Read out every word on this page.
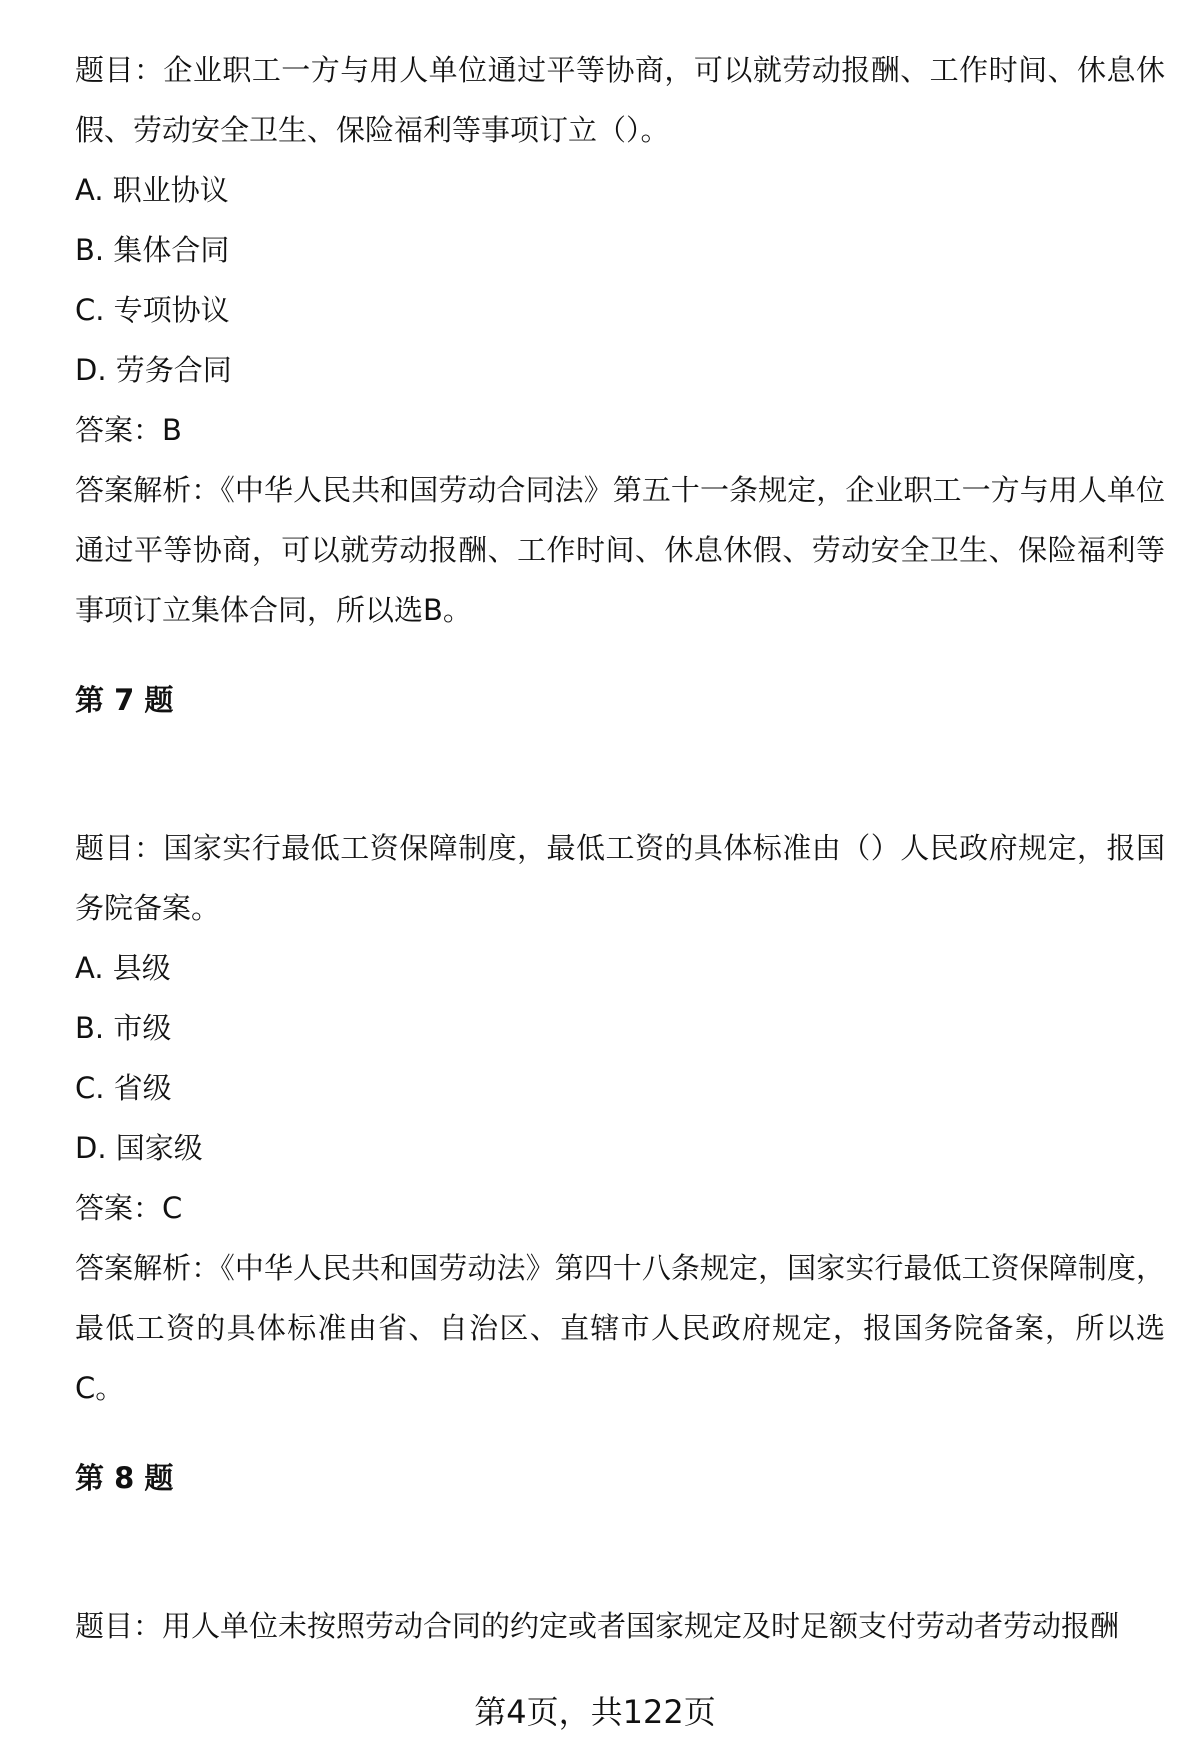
题目：企业职工一方与用人单位通过平等协商，可以就劳动报酬、工作时间、休息休假、劳动安全卫生、保险福利等事项订立（）。

A. 职业协议

B. 集体合同

C. 专项协议

D. 劳务合同

答案：B

答案解析：《中华人民共和国劳动合同法》第五十一条规定，企业职工一方与用人单位通过平等协商，可以就劳动报酬、工作时间、休息休假、劳动安全卫生、保险福利等事项订立集体合同，所以选B。

第 7 题

题目：国家实行最低工资保障制度，最低工资的具体标准由（）人民政府规定，报国务院备案。

A. 县级

B. 市级

C. 省级

D. 国家级

答案：C

答案解析：《中华人民共和国劳动法》第四十八条规定，国家实行最低工资保障制度，最低工资的具体标准由省、自治区、直辖市人民政府规定，报国务院备案，所以选C。

第 8 题

题目：用人单位未按照劳动合同的约定或者国家规定及时足额支付劳动者劳动报酬

第4页，共122页
